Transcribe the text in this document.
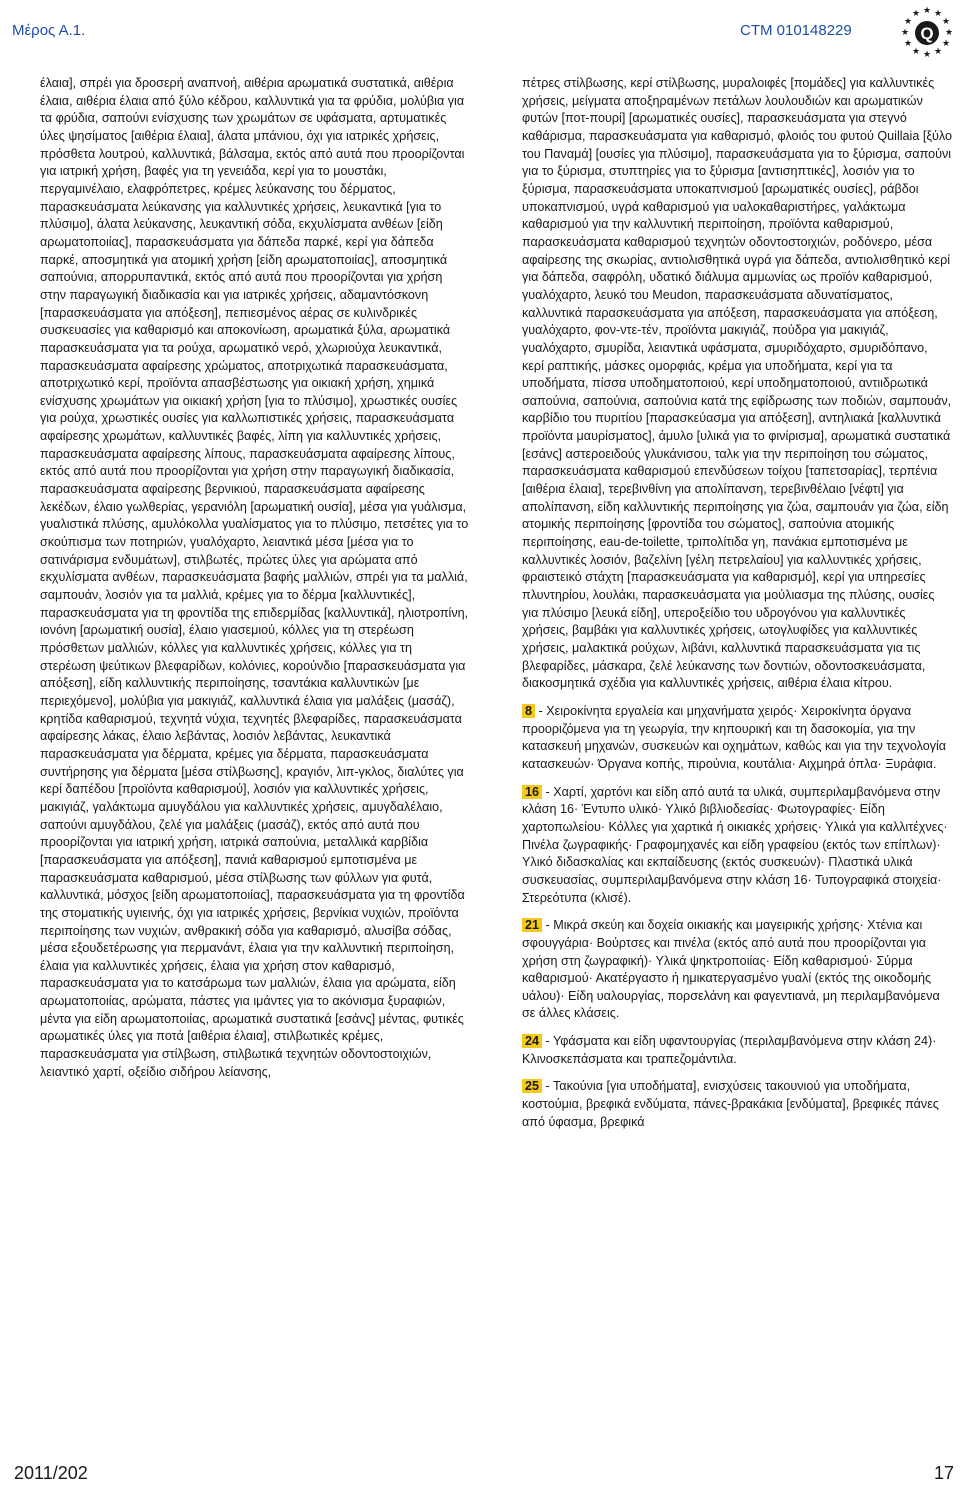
Μέρος Α.1.	CTM 010148229	Q
★ ★
★
★
★
★
★
★
★
★
★
★

έλαια], σπρέι για δροσερή αναπνοή, αιθέρια αρωματικά συστατικά, αιθέρια έλαια, αιθέρια έλαια από ξύλο κέδρου, καλλυντικά για τα φρύδια, μολύβια για τα φρύδια, σαπούνι ενίσχυσης των χρωμάτων σε υφάσματα, αρτυματικές ύλες ψησίματος [αιθέρια έλαια], άλατα μπάνιου, όχι για ιατρικές χρήσεις, πρόσθετα λουτρού, καλλυντικά, βάλσαμα, εκτός από αυτά που προορίζονται για ιατρική χρήση, βαφές για τη γενειάδα, κερί για το μουστάκι, περγαμινέλαιο, ελαφρόπετρες, κρέμες λεύκανσης του δέρματος, παρασκευάσματα λεύκανσης για καλλυντικές χρήσεις, λευκαντικά [για το πλύσιμο], άλατα λεύκανσης, λευκαντική σόδα, εκχυλίσματα ανθέων [είδη αρωματοποιίας], παρασκευάσματα για δάπεδα παρκέ, κερί για δάπεδα παρκέ, αποσμητικά για ατομική χρήση [είδη αρωματοποιίας], αποσμητικά σαπούνια, απορρυπαντικά, εκτός από αυτά που προορίζονται για χρήση στην παραγωγική διαδικασία και για ιατρικές χρήσεις, αδαμαντόσκονη [παρασκευάσματα για απόξεση], πεπιεσμένος αέρας σε κυλινδρικές συσκευασίες για καθαρισμό και αποκονίωση, αρωματικά ξύλα, αρωματικά παρασκευάσματα για τα ρούχα, αρωματικό νερό, χλωριούχα λευκαντικά, παρασκευάσματα αφαίρεσης χρώματος, αποτριχωτικά παρασκευάσματα, αποτριχωτικό κερί, προϊόντα απασβέστωσης για οικιακή χρήση, χημικά ενίσχυσης χρωμάτων για οικιακή χρήση [για το πλύσιμο], χρωστικές ουσίες για ρούχα, χρωστικές ουσίες για καλλωπιστικές χρήσεις, παρασκευάσματα αφαίρεσης χρωμάτων, καλλυντικές βαφές, λίπη για καλλυντικές χρήσεις, παρασκευάσματα αφαίρεσης λίπους, παρασκευάσματα αφαίρεσης λίπους, εκτός από αυτά που προορίζονται για χρήση στην παραγωγική διαδικασία, παρασκευάσματα αφαίρεσης βερνικιού, παρασκευάσματα αφαίρεσης λεκέδων, έλαιο γωλθερίας, γερανιόλη [αρωματική ουσία], μέσα για γυάλισμα, γυαλιστικά πλύσης, αμυλόκολλα γυαλίσματος για το πλύσιμο, πετσέτες για το σκούπισμα των ποτηριών, γυαλόχαρτο, λειαντικά μέσα [μέσα για το σατινάρισμα ενδυμάτων], στιλβωτές, πρώτες ύλες για αρώματα από εκχυλίσματα ανθέων, παρασκευάσματα βαφής μαλλιών, σπρέι για τα μαλλιά, σαμπουάν, λοσιόν για τα μαλλιά, κρέμες για το δέρμα [καλλυντικές], παρασκευάσματα για τη φροντίδα της επιδερμίδας [καλλυντικά], ηλιοτροπίνη, ιονόνη [αρωματική ουσία], έλαιο γιασεμιού, κόλλες για τη στερέωση πρόσθετων μαλλιών, κόλλες για καλλυντικές χρήσεις, κόλλες για τη στερέωση ψεύτικων βλεφαρίδων, κολόνιες, κορούνδιο [παρασκευάσματα για απόξεση], είδη καλλυντικής περιποίησης, τσαντάκια καλλυντικών [με περιεχόμενο], μολύβια για μακιγιάζ, καλλυντικά έλαια για μαλάξεις (μασάζ), κρητίδα καθαρισμού, τεχνητά νύχια, τεχνητές βλεφαρίδες, παρασκευάσματα αφαίρεσης λάκας, έλαιο λεβάντας, λοσιόν λεβάντας, λευκαντικά παρασκευάσματα για δέρματα, κρέμες για δέρματα, παρασκευάσματα συντήρησης για δέρματα [μέσα στίλβωσης], κραγιόν, λιπ-γκλος, διαλύτες για κερί δαπέδου [προϊόντα καθαρισμού], λοσιόν για καλλυντικές χρήσεις, μακιγιάζ, γαλάκτωμα αμυγδάλου για καλλυντικές χρήσεις, αμυγδαλέλαιο, σαπούνι αμυγδάλου, ζελέ για μαλάξεις (μασάζ), εκτός από αυτά που προορίζονται για ιατρική χρήση, ιατρικά σαπούνια, μεταλλικά καρβίδια [παρασκευάσματα για απόξεση], πανιά καθαρισμού εμποτισμένα με παρασκευάσματα καθαρισμού, μέσα στίλβωσης των φύλλων για φυτά, καλλυντικά, μόσχος [είδη αρωματοποιίας], παρασκευάσματα για τη φροντίδα της στοματικής υγιεινής, όχι για ιατρικές χρήσεις, βερνίκια νυχιών, προϊόντα περιποίησης των νυχιών, ανθρακική σόδα για καθαρισμό, αλυσίβα σόδας, μέσα εξουδετέρωσης για περμανάντ, έλαια για την καλλυντική περιποίηση, έλαια για καλλυντικές χρήσεις, έλαια για χρήση στον καθαρισμό, παρασκευάσματα για το κατσάρωμα των μαλλιών, έλαια για αρώματα, είδη αρωματοποιίας, αρώματα, πάστες για ιμάντες για το ακόνισμα ξυραφιών, μέντα για είδη αρωματοποιίας, αρωματικά συστατικά [εσάνς] μέντας, φυτικές αρωματικές ύλες για ποτά [αιθέρια έλαια], στιλβωτικές κρέμες, παρασκευάσματα για στίλβωση, στιλβωτικά τεχνητών οδοντοστοιχιών, λειαντικό χαρτί, οξείδιο σιδήρου λείανσης,

πέτρες στίλβωσης, κερί στίλβωσης, μυραλοιφές [πομάδες] για καλλυντικές χρήσεις, μείγματα αποξηραμένων πετάλων λουλουδιών και αρωματικών φυτών [ποτ-πουρί] [αρωματικές ουσίες], παρασκευάσματα για στεγνό καθάρισμα, παρασκευάσματα για καθαρισμό, φλοιός του φυτού Quillaia [ξύλο του Παναμά] [ουσίες για πλύσιμο], παρασκευάσματα για το ξύρισμα, σαπούνι για το ξύρισμα, στυπτηρίες για το ξύρισμα [αντισηπτικές], λοσιόν για το ξύρισμα, παρασκευάσματα υποκαπνισμού [αρωματικές ουσίες], ράβδοι υποκαπνισμού, υγρά καθαρισμού για υαλοκαθαριστήρες, γαλάκτωμα καθαρισμού για την καλλυντική περιποίηση, προϊόντα καθαρισμού, παρασκευάσματα καθαρισμού τεχνητών οδοντοστοιχιών, ροδόνερο, μέσα αφαίρεσης της σκωρίας, αντιολισθητικά υγρά για δάπεδα, αντιολισθητικό κερί για δάπεδα, σαφρόλη, υδατικό διάλυμα αμμωνίας ως προϊόν καθαρισμού, γυαλόχαρτο, λευκό του Meudon, παρασκευάσματα αδυνατίσματος, καλλυντικά παρασκευάσματα για απόξεση, παρασκευάσματα για απόξεση, γυαλόχαρτο, φον-ντε-τέν, προϊόντα μακιγιάζ, πούδρα για μακιγιάζ, γυαλόχαρτο, σμυρίδα, λειαντικά υφάσματα, σμυριδόχαρτο, σμυριδόπανο, κερί ραπτικής, μάσκες ομορφιάς, κρέμα για υποδήματα, κερί για τα υποδήματα, πίσσα υποδηματοποιού, κερί υποδηματοποιού, αντιιδρωτικά σαπούνια, σαπούνια, σαπούνια κατά της εφίδρωσης των ποδιών, σαμπουάν, καρβίδιο του πυριτίου [παρασκεύασμα για απόξεση], αντηλιακά [καλλυντικά προϊόντα μαυρίσματος], άμυλο [υλικά για το φινίρισμα], αρωματικά συστατικά [εσάνς] αστεροειδούς γλυκάνισου, ταλκ για την περιποίηση του σώματος, παρασκευάσματα καθαρισμού επενδύσεων τοίχου [ταπετσαρίας], τερπένια [αιθέρια έλαια], τερεβινθίνη για απολίπανση, τερεβινθέλαιο [νέφτι] για απολίπανση, είδη καλλυντικής περιποίησης για ζώα, σαμπουάν για ζώα, είδη ατομικής περιποίησης [φροντίδα του σώματος], σαπούνια ατομικής περιποίησης, eau-de-toilette, τριπολίτιδα γη, πανάκια εμποτισμένα με καλλυντικές λοσιόν, βαζελίνη [γέλη πετρελαίου] για καλλυντικές χρήσεις, φραιστεικό στάχτη [παρασκευάσματα για καθαρισμό], κερί για υπηρεσίες πλυντηρίου, λουλάκι, παρασκευάσματα για μούλιασμα της πλύσης, ουσίες για πλύσιμο [λευκά είδη], υπεροξείδιο του υδρογόνου για καλλυντικές χρήσεις, βαμβάκι για καλλυντικές χρήσεις, ωτογλυφίδες για καλλυντικές χρήσεις, μαλακτικά ρούχων, λιβάνι, καλλυντικά παρασκευάσματα για τις βλεφαρίδες, μάσκαρα, ζελέ λεύκανσης των δοντιών, οδοντοσκευάσματα, διακοσμητικά σχέδια για καλλυντικές χρήσεις, αιθέρια έλαια κίτρου.

8 - Χειροκίνητα εργαλεία και μηχανήματα χειρός· Χειροκίνητα όργανα προοριζόμενα για τη γεωργία, την κηπουρική και τη δασοκομία, για την κατασκευή μηχανών, συσκευών και οχημάτων, καθώς και για την τεχνολογία κατασκευών· Όργανα κοπής, πιρούνια, κουτάλια· Αιχμηρά όπλα· Ξυράφια.

16 - Χαρτί, χαρτόνι και είδη από αυτά τα υλικά, συμπεριλαμβανόμενα στην κλάση 16· Έντυπο υλικό· Υλικό βιβλιοδεσίας· Φωτογραφίες· Είδη χαρτοπωλείου· Κόλλες για χαρτικά ή οικιακές χρήσεις· Υλικά για καλλιτέχνες· Πινέλα ζωγραφικής· Γραφομηχανές και είδη γραφείου (εκτός των επίπλων)· Υλικό διδασκαλίας και εκπαίδευσης (εκτός συσκευών)· Πλαστικά υλικά συσκευασίας, συμπεριλαμβανόμενα στην κλάση 16· Τυπογραφικά στοιχεία· Στερεότυπα (κλισέ).

21 - Μικρά σκεύη και δοχεία οικιακής και μαγειρικής χρήσης· Χτένια και σφουγγάρια· Βούρτσες και πινέλα (εκτός από αυτά που προορίζονται για χρήση στη ζωγραφική)· Υλικά ψηκτροποιίας· Είδη καθαρισμού· Σύρμα καθαρισμού· Ακατέργαστο ή ημικατεργασμένο γυαλί (εκτός της οικοδομής υάλου)· Είδη υαλουργίας, πορσελάνη και φαγεντιανά, μη περιλαμβανόμενα σε άλλες κλάσεις.

24 - Υφάσματα και είδη υφαντουργίας (περιλαμβανόμενα στην κλάση 24)· Κλινοσκεπάσματα και τραπεζομάντιλα.

25 - Τακούνια [για υποδήματα], ενισχύσεις τακουνιού για υποδήματα, κοστούμια, βρεφικά ενδύματα, πάνες-βρακάκια [ενδύματα], βρεφικές πάνες από ύφασμα, βρεφικά

2011/202	17
